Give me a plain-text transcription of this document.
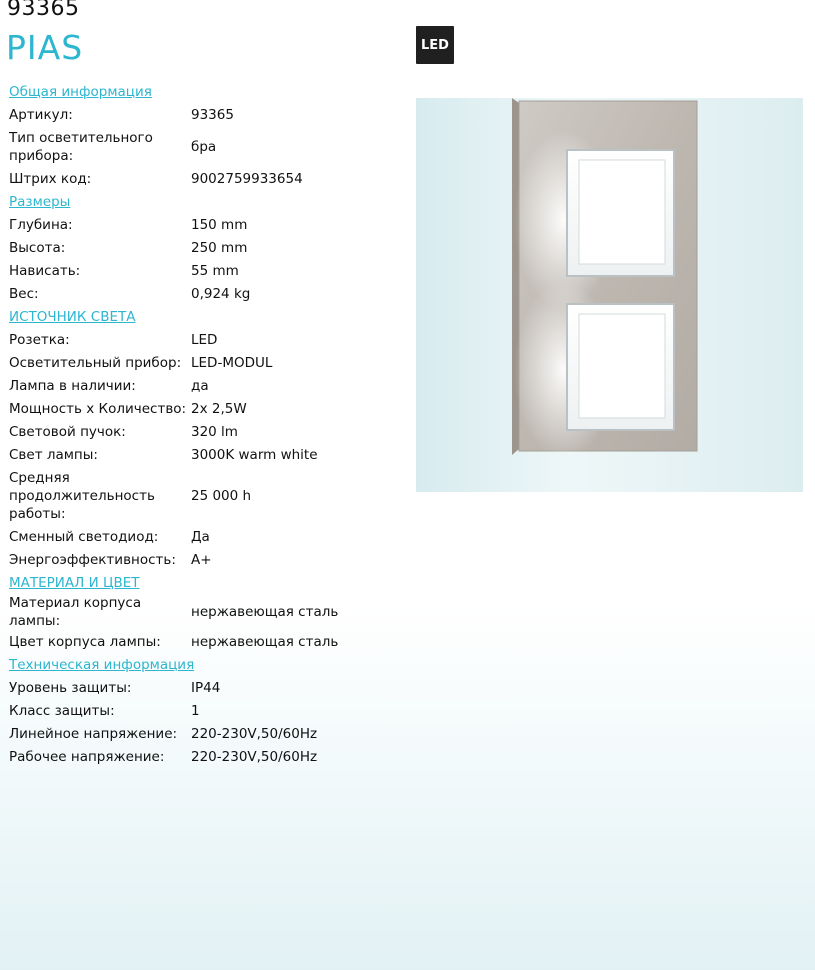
93365
PIAS	LED
Общая информация
Артикул:	93365
Тип осветительного прибора:
бра
Штрих код:	9002759933654
Размеры
Глубина:	150 mm
Высота:	250 mm
Нависать:	55 mm
Вес:	0,924 kg
ИСТОЧНИК СВЕТА
Розетка:	LED
Осветительный прибор: LED-MODUL
Лампа в наличии:	да
Мощность х Количество: 2x 2,5W
Световой пучок:	320 lm
Свет лампы:	3000K warm white
Средняя продолжительность работы:
25 000 h
Сменный светодиод:	Да
Энергоэффективность:	A+
МАТЕРИАЛ И ЦВЕТ
Материал корпуса лампы:
нержавеющая сталь
Цвет корпуса лампы:	нержавеющая сталь
Техническая информация
Уровень защиты:	IP44
Класс защиты:	1
Линейное напряжение:	220-230V,50/60Hz
Рабочее напряжение:	220-230V,50/60Hz
